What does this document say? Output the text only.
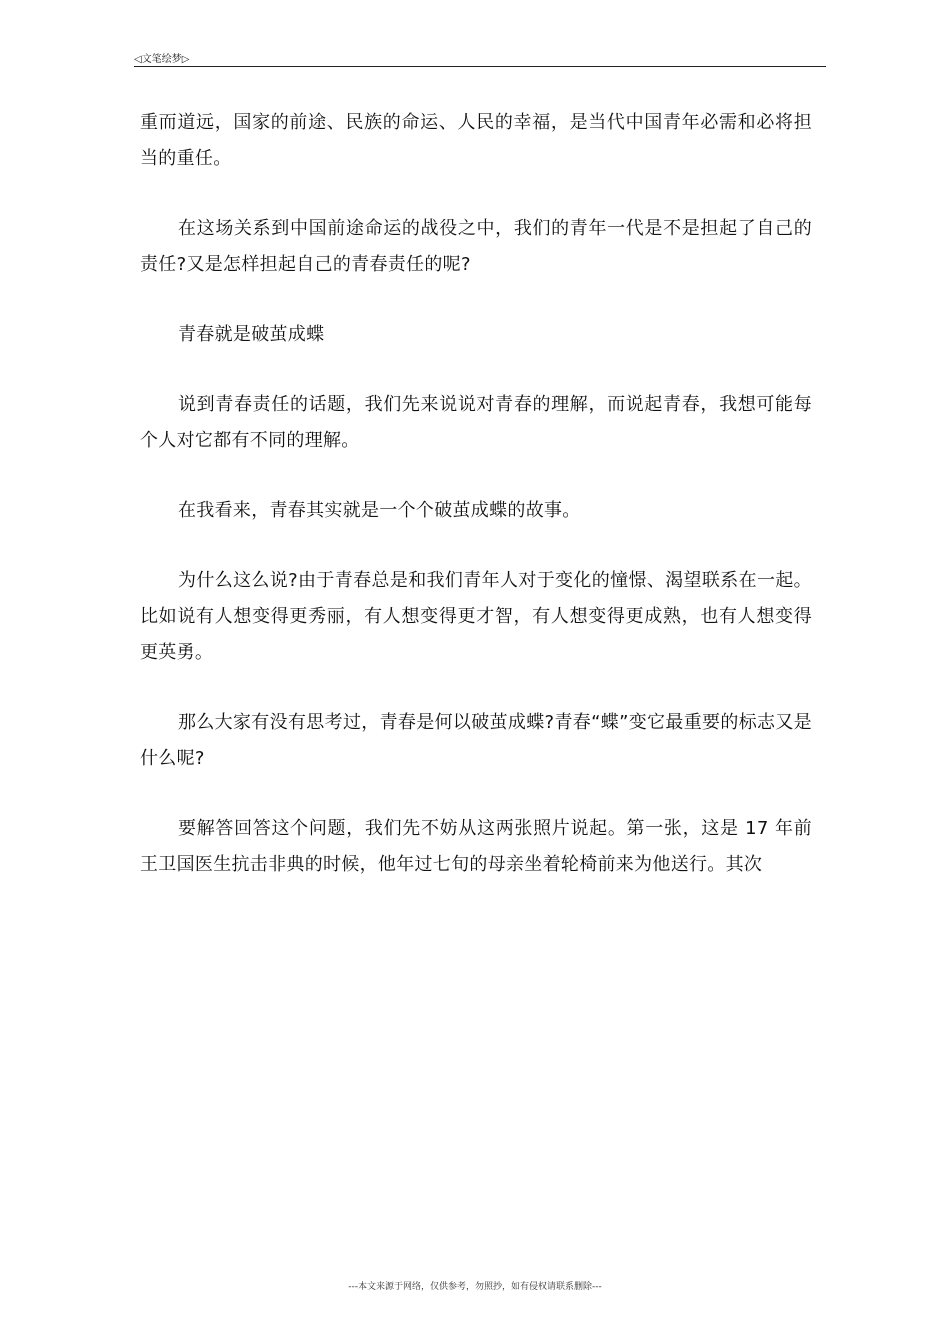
◁文笔绘梦▷

重而道远，国家的前途、民族的命运、人民的幸福，是当代中国青年必需和必将担当的重任。

在这场关系到中国前途命运的战役之中，我们的青年一代是不是担起了自己的责任?又是怎样担起自己的青春责任的呢?

青春就是破茧成蝶

说到青春责任的话题，我们先来说说对青春的理解，而说起青春，我想可能每个人对它都有不同的理解。

在我看来，青春其实就是一个个破茧成蝶的故事。

为什么这么说?由于青春总是和我们青年人对于变化的憧憬、渴望联系在一起。比如说有人想变得更秀丽，有人想变得更才智，有人想变得更成熟，也有人想变得更英勇。

那么大家有没有思考过，青春是何以破茧成蝶?青春“蝶”变它最重要的标志又是什么呢?

要解答回答这个问题，我们先不妨从这两张照片说起。第一张，这是 17 年前王卫国医生抗击非典的时候，他年过七旬的母亲坐着轮椅前来为他送行。其次

---本文来源于网络，仅供参考，勿照抄，如有侵权请联系删除---
